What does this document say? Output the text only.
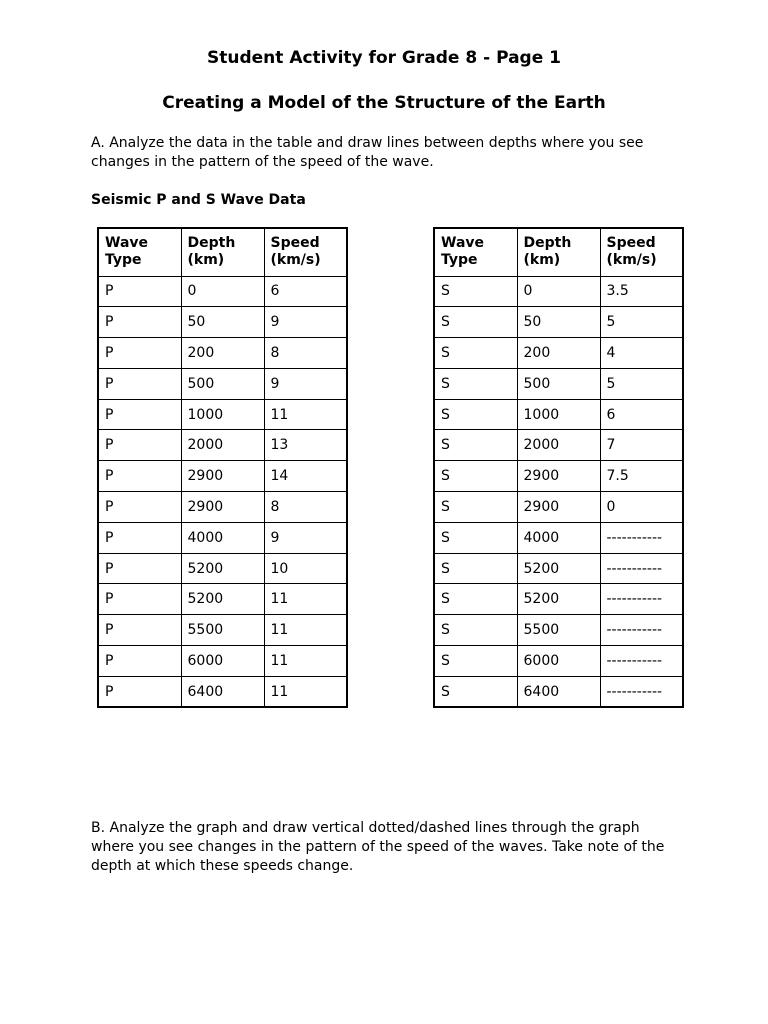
Student Activity for Grade 8 - Page 1
Creating a Model of the Structure of the Earth

A. Analyze the data in the table and draw lines between depths where you see changes in the pattern of the speed of the wave.

Seismic P and S Wave Data

Wave Type	Depth (km)	Speed (km/s)
P	0	6
P	50	9
P	200	8
P	500	9
P	1000	11
P	2000	13
P	2900	14
P	2900	8
P	4000	9
P	5200	10
P	5200	11
P	5500	11
P	6000	11
P	6400	11
Wave Type	Depth (km)	Speed (km/s)
S	0	3.5
S	50	5
S	200	4
S	500	5
S	1000	6
S	2000	7
S	2900	7.5
S	2900	0
S	4000	-----------
S	5200	-----------
S	5200	-----------
S	5500	-----------
S	6000	-----------
S	6400	-----------

B. Analyze the graph and draw vertical dotted/dashed lines through the graph where you see changes in the pattern of the speed of the waves. Take note of the depth at which these speeds change.
